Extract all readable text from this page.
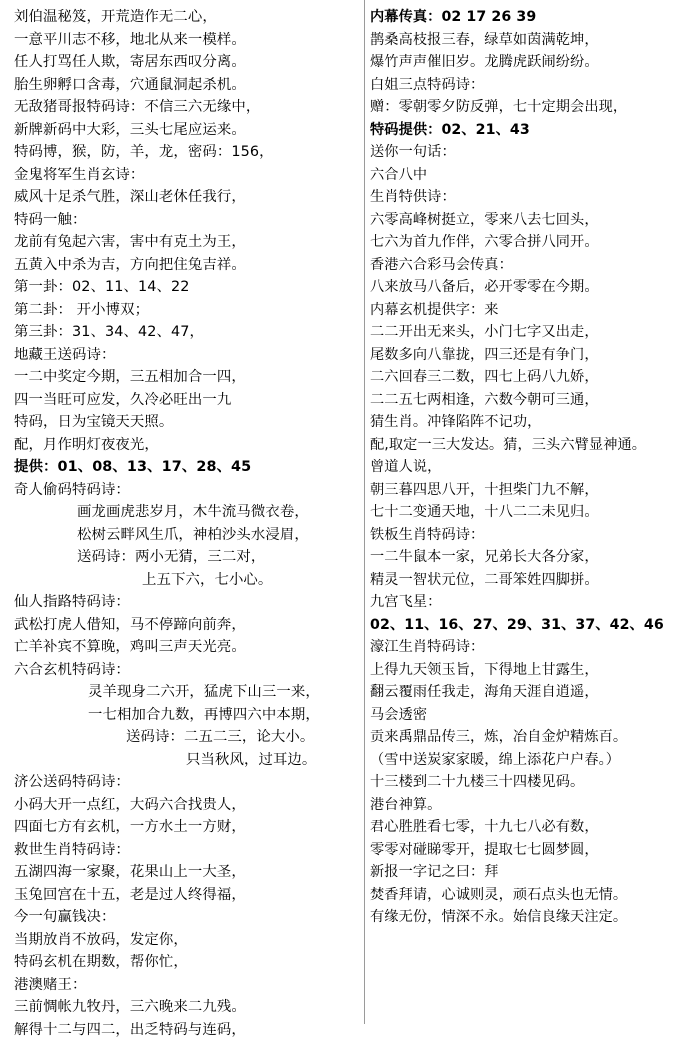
刘伯温秘笈，开荒造作无二心，
一意平川志不移，地北从来一模样。
任人打骂任人欺，寄居东西叹分离。
胎生卵孵口含毒，穴通鼠洞起杀机。
无敌猪哥报特码诗：不信三六无缘中，
新牌新码中大彩，三头七尾应运来。
特码博，猴，防，羊，龙，密码：156，
金鬼将军生肖玄诗：
威风十足杀气胜，深山老休任我行，
特码一触：
龙前有兔起六害，害中有克土为王，
五黄入中杀为吉，方向把住兔吉祥。
第一卦：02、11、14、22
第二卦： 开小博双；
第三卦：31、34、42、47，
地藏王送码诗：
一二中奖定今期，三五相加合一四，
四一当旺可应发，久冷必旺出一九
特码，日为宝镜天天照。
配，月作明灯夜夜光，
提供：01、08、13、17、28、45
奇人偷码特码诗：
画龙画虎悲岁月，木牛流马微衣卷，
松树云畔风生爪，神柏沙头水浸眉，
送码诗：两小无猜，三二对，
上五下六，七小心。
仙人指路特码诗：
武松打虎人借知，马不停蹄向前奔，
亡羊补宾不算晚，鸡叫三声天光亮。
六合玄机特码诗：
灵羊现身二六开，猛虎下山三一来，
一七相加合九数，再博四六中本期，
送码诗：二五二三，论大小。
只当秋风，过耳边。
济公送码特码诗：
小码大开一点红，大码六合找贵人，
四面七方有玄机，一方水土一方财，
救世生肖特码诗：
五湖四海一家聚，花果山上一大圣，
玉兔回宫在十五，老是过人终得福，
今一句赢钱决：
当期放肖不放码，发定你，
特码玄机在期数，帮你忙，
港澳赌王：
三前惆帐九牧丹，三六晚来二九残。
解得十二与四二，出乏特码与连码，
内幕传真：02 17 26 39
鹊桑高枝报三春，绿草如茵满乾坤，
爆竹声声催旧岁。龙腾虎跃闹纷纷。
白姐三点特码诗：
赠：零朝零夕防反弹，七十定期会出现，
特码提供：02、21、43
送你一句话：
六合八中
生肖特供诗：
六零高峰树挺立，零来八去七回头，
七六为首九作伴，六零合拼八同开。
香港六合彩马会传真：
八来放马八备后，必开零零在今期。
内幕玄机提供字：来
二二开出无来头，小门七字又出走，
尾数多向八靠拢，四三还是有争门，
二六回春三二数，四七上码八九娇，
二二五七两相逢，六数今朝可三通，
猜生肖。冲锋陷阵不记功，
配,取定一三大发达。猜，三头六臂显神通。
曾道人说，
朝三暮四思八开，十担柴门九不解，
七十二变通天地，十八二二未见归。
铁板生肖特码诗：
一二牛鼠本一家，兄弟长大各分家，
精灵一智状元位，二哥笨姓四脚拼。
九宫飞星：
02、11、16、27、29、31、37、42、46
濠江生肖特码诗：
上得九天领玉旨，下得地上甘露生，
翻云覆雨任我走，海角天涯自逍遥，
马会透密
贡来禹鼎品传三，炼，冶自金炉精炼百。
（雪中送炭家家暖，绵上添花户户春。）
十三楼到二十九楼三十四楼见码。
港台神算。
君心胜胜看七零，十九七八必有数，
零零对碰睇零开，提取七七圆梦圆，
新报一字记之曰：拜
焚香拜请，心诚则灵，顽石点头也无情。
有缘无份，情深不永。始信良缘天注定。
